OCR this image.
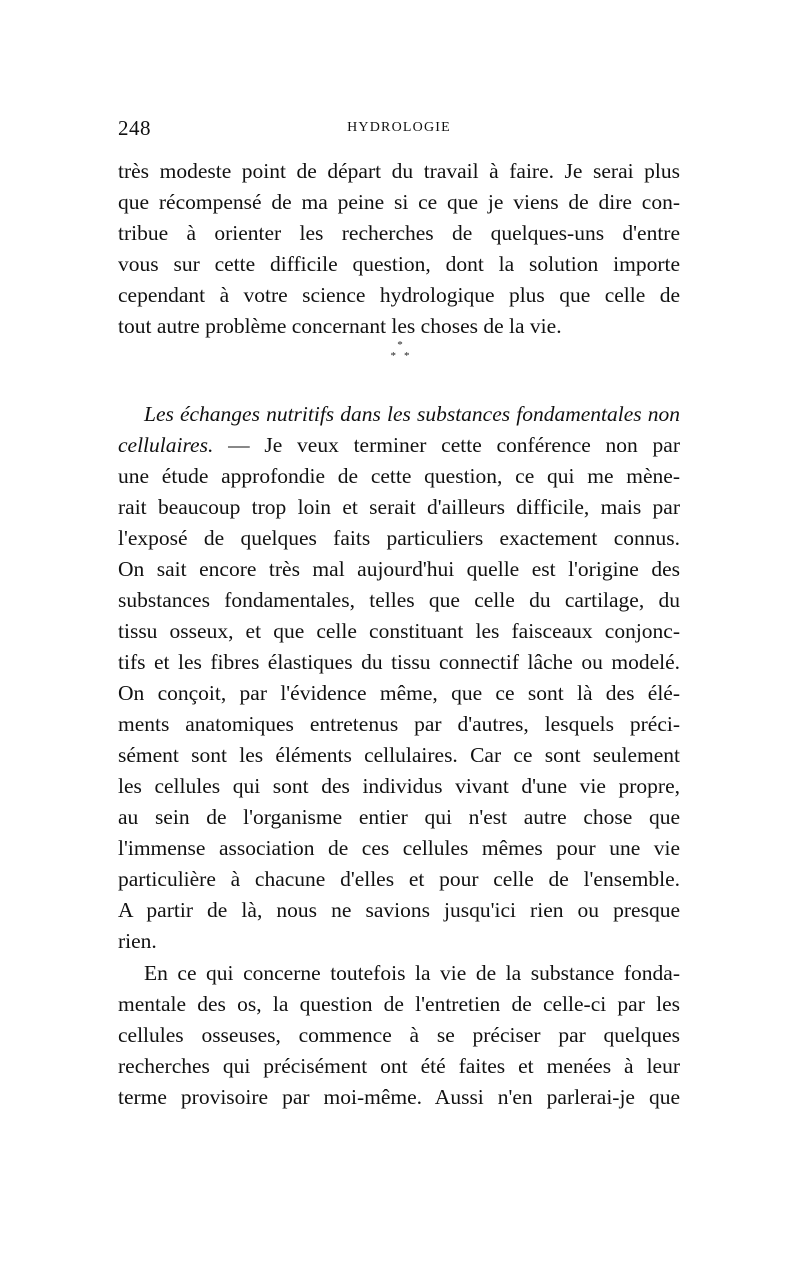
248	HYDROLOGIE
très modeste point de départ du travail à faire. Je serai plus
que récompensé de ma peine si ce que je viens de dire con-
tribue à orienter les recherches de quelques-uns d'entre
vous sur cette difficile question, dont la solution importe
cependant à votre science hydrologique plus que celle de
tout autre problème concernant les choses de la vie.
*
* *
Les échanges nutritifs dans les substances fondamentales non
cellulaires. — Je veux terminer cette conférence non par
une étude approfondie de cette question, ce qui me mène-
rait beaucoup trop loin et serait d'ailleurs difficile, mais par
l'exposé de quelques faits particuliers exactement connus.
On sait encore très mal aujourd'hui quelle est l'origine des
substances fondamentales, telles que celle du cartilage, du
tissu osseux, et que celle constituant les faisceaux conjonc-
tifs et les fibres élastiques du tissu connectif lâche ou modelé.
On conçoit, par l'évidence même, que ce sont là des élé-
ments anatomiques entretenus par d'autres, lesquels préci-
sément sont les éléments cellulaires. Car ce sont seulement
les cellules qui sont des individus vivant d'une vie propre,
au sein de l'organisme entier qui n'est autre chose que
l'immense association de ces cellules mêmes pour une vie
particulière à chacune d'elles et pour celle de l'ensemble.
A partir de là, nous ne savions jusqu'ici rien ou presque
rien.
En ce qui concerne toutefois la vie de la substance fonda-
mentale des os, la question de l'entretien de celle-ci par les
cellules osseuses, commence à se préciser par quelques
recherches qui précisément ont été faites et menées à leur
terme provisoire par moi-même. Aussi n'en parlerai-je que
